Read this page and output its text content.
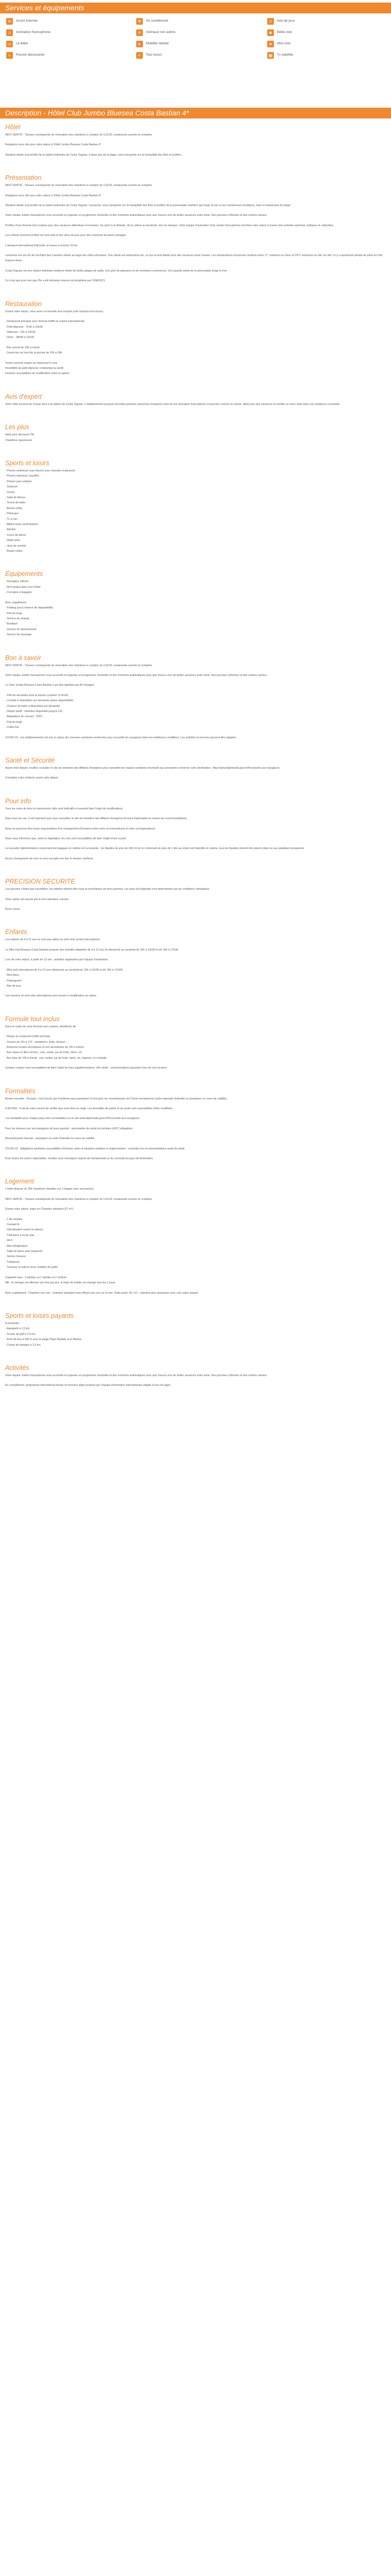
Services et équipements
≋	Accès Internet	✻	Air conditionné	☺	Aire de jeux
♫	Animation francophone	✕	Animaux non admis	☻	Bébé club
▭	Lit bébé	♿	Mobilité réduite	★	Mini-club
≈	Piscine découverte	✓	Tout inclus	▣	Tv satellite
Description - Hôtel Club Jumbo Bluesea Costa Bastian 4*
Hôtel

INFO VERITÉ : Travaux conséquents de rénovation des chambres à compter du 1/11/20, restaurants ouverts et complets.

Rejoignez-nous vite pour votre séjour à l'hôtel Jumbo Bluesea Costa Bastian 4*

Situation idéale à proximité de la station balnéaire de Costa Teguise, à deux pas de la plage, vous transporte sur la tranquillité des flots et profitez...

Présentation

INFO VERITÉ : Travaux conséquents de rénovation des chambres à compter du 1/11/20, restaurants ouverts et complets.

Rejoignez-nous vite pour votre séjour à l'hôtel Jumbo Bluesea Costa Bastian 4*

Situation idéale à proximité de la station balnéaire de Costa Teguise, Lanzarote, vous transporte sur la tranquillité des flots et profitez de la promenade maritime qui longe la mer et ses nombreuses boutiques, bars et restaurants de plage.

Votre équipe Jumbo francophone vous accueille et organise un programme d'activités et des moments authentiques pour que chacun vive de belles vacances entre amis. Des journées rythmées et des soirées variées.

Profitez d'une formule tout compris pour des vacances détendues et réussies. Du sport à la détente, de la culture au farniente, rien ne manque. Votre équipe d'animation Club Jumbo francophone enrichira votre séjour à travers des activités sportives, ludiques et culturelles.

Les enfants pourront profiter du mini-club et des aires de jeux pour des moments de plaisir partagés.

L'aéroport international d'Arrecife se trouve à environ 15 km.

Lanzarote est une île de l'archipel des Canaries située au large des côtes africaines. Son climat est subtropical sec, ce qui la rend idéale pour des vacances toute l'année. Les températures moyennes oscillent entre 17° minimum en hiver et 29°C maximum en été. En été, il n'y a quasiment jamais de pluie et il fait toujours beau.

Costa Teguise est une station balnéaire moderne dotée de belles plages de sable, d'un port de plaisance et de nombreux commerces. Une grande partie de la promenade longe la mer.

Ce n'est pas pour rien que l'île a été déclarée réserve de biosphère par l'UNESCO.

Restauration

Durant votre séjour, vous serez en formule tout compris (voir rubrique tout inclus).

- Restaurant principal avec formule buffet et cuisine internationale
- Petit déjeuner : 7h30 à 10h30
- Déjeuner : 13h à 15h30
- Dîner : 18h45 à 21h30
- Bar central de 10h à minuit
- Snack-bar au bord de la piscine de 10h à 18h
Tenue correcte exigée au restaurant le soir.
Possibilité de petit déjeuner continental ou tardif.
Horaires susceptibles de modification selon la saison.
Avis d'expert

Votre hôtel au bord de l'océan face à la station de Costa Teguise. L'établissement propose de belles piscines entourées d'espaces verts et une animation francophone en journée comme en soirée. Idéal pour des vacances en famille ou entre amis dans une ambiance conviviale.

Les plus
Idéal pour découvrir l'île
Chambres spacieuses
Sports et loisirs
- Piscine extérieure (eau douce) avec transats et parasols
- Piscine intérieure chauffée
- Piscine pour enfants
- Solarium
- Tennis
- Salle de fitness
- Tennis de table
- Beach-volley
- Pétanque
- Tir à l'arc
- Billard (avec participation)
- Aérobic
- Cours de danse
- Water-polo
- Jeux de société
- Beach-volley
Équipements
- Réception 24h/24
- Wi-fi gratuit dans tout l'hôtel
- Consigne à bagages
Avec supplément :
- Parking (sous réserve de disponibilité)
- Prêt de linge
- Service de change
- Boutique
- Service de blanchisserie
- Service de massage
Bon à savoir

INFO VERITÉ : Travaux conséquents de rénovation des chambres à compter du 1/11/20, restaurants ouverts et complets.

Votre équipe Jumbo francophone vous accueille et organise un programme d'activités et des moments authentiques pour que chacun vive de belles vacances entre amis. Des journées rythmées et des soirées variées.

Le Club Jumbo Bluesea Costa Bastian a pu être labellisé par Air Voyages.

- Prêt de serviettes pour la piscine (caution 10 EUR)
- Lit bébé à disposition sur demande (selon disponibilité)
- Chaises de bébé à disposition sur demande
- Départ tardif : chambre disponible jusqu'à 12h
- Adaptateur de courant : 220V
- Prêt de linge
- Coffre-fort

COVID-19 : Les établissements ont mis en place des mesures sanitaires renforcées pour accueillir les voyageurs dans les meilleures conditions. Les activités et services peuvent être adaptés.

Santé et Sécurité

Avant votre départ, veuillez consulter le site du ministère des Affaires étrangères pour connaître les risques sanitaires éventuels qui pourraient concerner votre destination : http://www.diplomatie.gouv.fr/fr/conseils-aux-voyageurs.

Consultez votre médecin avant votre départ.

Pour info

Tous les noms de lieux et monuments cités sont indicatifs et peuvent faire l'objet de modifications.

Dans tous les cas, il est important que vous consultiez le site du ministère des Affaires étrangères (France Diplomatie) et suiviez les recommandations.

Nous ne pourrons être tenus responsables d'un changement d'horaires entre votre vol international et votre correspondance.

Nous vous informons que, selon la législation, les vols sont susceptibles de faire l'objet d'une escale.

La nouvelle réglementation concernant les bagages en cabine est la suivante : les liquides de plus de 100 ml (et un contenant de plus de 1 litre au total) sont interdits en cabine, tous les liquides doivent être placés dans un sac plastique transparent.

Aucun changement de nom ne sera accepté une fois le dossier confirmé.

PRECISION SECURITE

Les piscines n'étant pas surveillées, les enfants doivent être sous la surveillance de leurs parents. Les eaux de baignade sont déterminées par les conditions climatiques.

Votre séjour est assuré par le tour-opérateur suivant :

Nous n'avez

Enfants

Les enfants de 4 à 11 ans ne sont pas admis au mini-club Jumbo francophone.

Le Mini-club Bluesea Costa Bastian propose des activités adaptées de 4 à 12 ans du dimanche au vendredi de 10h à 12h30 et de 15h à 17h30.

Lors de votre séjour, à partir de 12 ans : activités organisées par l'équipe d'animation.

- Mini-club international de 4 à 12 ans (dimanche au vendredi de 10h à 12h30 et de 15h à 17h30)
- Mini-disco
- Pataugeoire
- Aire de jeux

Les horaires du mini-club international sont soumis à modification sur place.

Formule tout inclus

Dans le cadre de votre formule tout compris, bénéficiez de :

- Repas au restaurant buffet principal
- Snacks de 11h à 17h : sandwichs, fruits, dessert...
- Boissons locales alcoolisées et non alcoolisées de 10h à minuit
- Aux repas en libre service : eau, sodas, jus de fruits, bière, vin
- Aux bars de 10h à minuit : eau, sodas, jus de fruits, bière, vin, liqueurs, et cocktails

Certains snacks sont susceptibles de faire l'objet de frais supplémentaires. Info vérité : consommations payantes hors de ces horaires.

Formalités

Bonne nouvelle : l'Europe, c'est l'accès aux frontières sans passeport ni visa pour les ressortissants de l'Union européenne (carte nationale d'identité ou passeport en cours de validité).

A NOTER : Il est de votre ressort de vérifier que vous êtes en règle. Les formalités de police et de santé sont susceptibles d'être modifiées.

Les modalités pour chaque pays sont consultables sur le site www.diplomatie.gouv.fr/fr/conseils-aux-voyageurs.

Pour les mineurs non accompagnés de leurs parents : autorisation de sortie du territoire (AST) obligatoire.

Ressortissants français : passeport ou carte d'identité en cours de validité.

COVID-19 : obligations sanitaires susceptibles d'évoluer selon la situation sanitaire et réglementaire ; consultez les recommandations avant de partir.

Pour toutes les autres nationalités, veuillez vous renseigner auprès de l'ambassade ou du consulat du pays de destination.

Logement

L'hôtel dispose de 394 chambres réparties sur 2 étages avec ascenseurs.

INFO VERITÉ : Travaux conséquents de rénovation des chambres à compter du 1/11/20, restaurants ouverts et complets.

Durant votre séjour, logez en Chambre standard (27 m²) :

- 2 lits simples
- Canapé-lit
- Climatisation (selon la saison)
- Télévision à écran plat
- Wi-fi
- Mini-réfrigérateur
- Salle de bains avec baignoire
- Sèche-cheveux
- Téléphone
- Terrasse ou balcon avec mobilier de jardin
Capacité maxi : 3 adultes ou 2 adultes et 2 enfants
NB : le ménage est effectué une fois par jour, le linge de toilette est changé tous les 2 jours.

Avec supplément : Chambre vue mer : chambre standard mais offrant une vue sur la mer. Suite junior (41 m²) : chambre plus spacieuse avec coin salon séparé.

Sports et loisirs payants
À proximité :
- Aquapark à 1,5 km
- Terrain de golf à 2,5 km
- Arrêt de bus à 300 m pour la plage Playa Bastián et le Marina
- Centre de plongée à 2,5 km
Activités

Votre équipe Jumbo francophone vous accueille et organise un programme d'activités et des moments authentiques pour que chacun vive de belles vacances entre amis. Des journées rythmées et des soirées variées.

En complément, programme international diurne et nocturne léger proposé par l'équipe d'animation internationale adapté à tous les âges.
